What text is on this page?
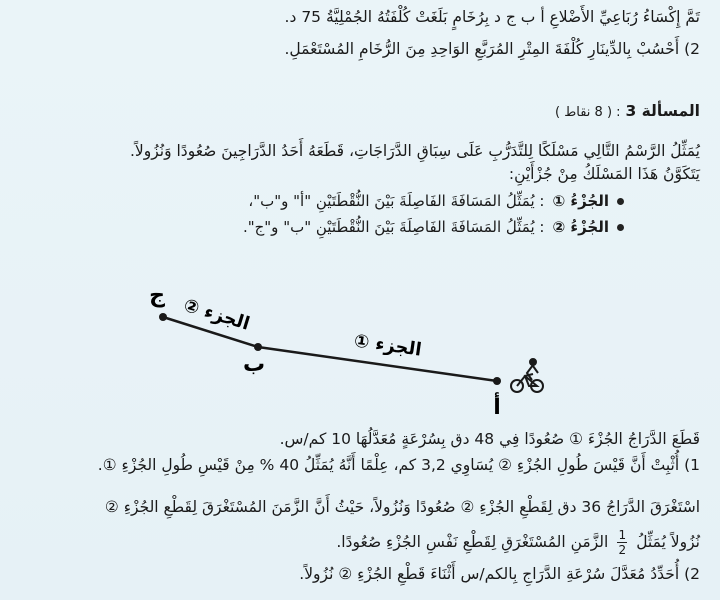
تَمَّ إِكْسَاءُ رُبَاعِيِّ الأَضْلاعِ أ ب ج د بِرُخَامٍ بَلَغَتْ كُلْفَتُهُ الجُمْلِيَّةُ 75 د.
2) أَحْسُبْ بِالدِّينَارِ كُلْفَةَ المِتْرِ المُرَبَّعِ الوَاحِدِ مِنَ الرُّخَامِ المُسْتَعْمَلِ.
المسألة 3 : ( 8 نقاط )
يُمَثِّلُ الرَّسْمُ التَّالِي مَسْلَكًا لِلتَّدَرُّبِ عَلَى سِبَاقِ الدَّرَاجَاتِ، قَطَعَهُ أَحَدُ الدَّرَاجِينَ صُعُودًا وَنُزُولاً.
يَتَكَوَّنُ هَذَا المَسْلَكُ مِنْ جُزْأَيْنِ:
الجُزْءُ ①
: يُمَثِّلُ المَسَافَةَ الفَاصِلَةَ بَيْنَ النُّقْطَتَيْنِ "أ" و"ب"،
الجُزْءُ ②
: يُمَثِّلُ المَسَافَةَ الفَاصِلَةَ بَيْنَ النُّقْطَتَيْنِ "ب" و"ج".
ج
ب
أ
الجزء ②
الجزء ①
قَطَعَ الدَّرَاجُ الجُزْءَ ① صُعُودًا فِي 48 دق بِسُرْعَةٍ مُعَدَّلُهَا 10 كم/س.
1) أُثْبِتْ أَنَّ قَيْسَ طُولِ الجُزْءِ ② يُسَاوِي 3,2 كم، عِلْمًا أَنَّهُ يُمَثِّلُ 40 % مِنْ قَيْسِ طُولِ الجُزْءِ ①.
اسْتَغْرَقَ الدَّرَاجُ 36 دق لِقَطْعِ الجُزْءِ ② صُعُودًا وَنُزُولاً، حَيْثُ أَنَّ الزَّمَنَ المُسْتَغْرَقَ لِقَطْعِ الجُزْءِ ②
نُزُولاً يُمَثِّلُ
$\frac{1}{2}$
الزَّمَنِ المُسْتَغْرَقِ لِقَطْعِ نَفْسِ الجُزْءِ صُعُودًا.
2) أُحَدِّدُ مُعَدَّلَ سُرْعَةِ الدَّرَاجِ بِالكم/س أَثْنَاءَ قَطْعِ الجُزْءِ ② نُزُولاً.
